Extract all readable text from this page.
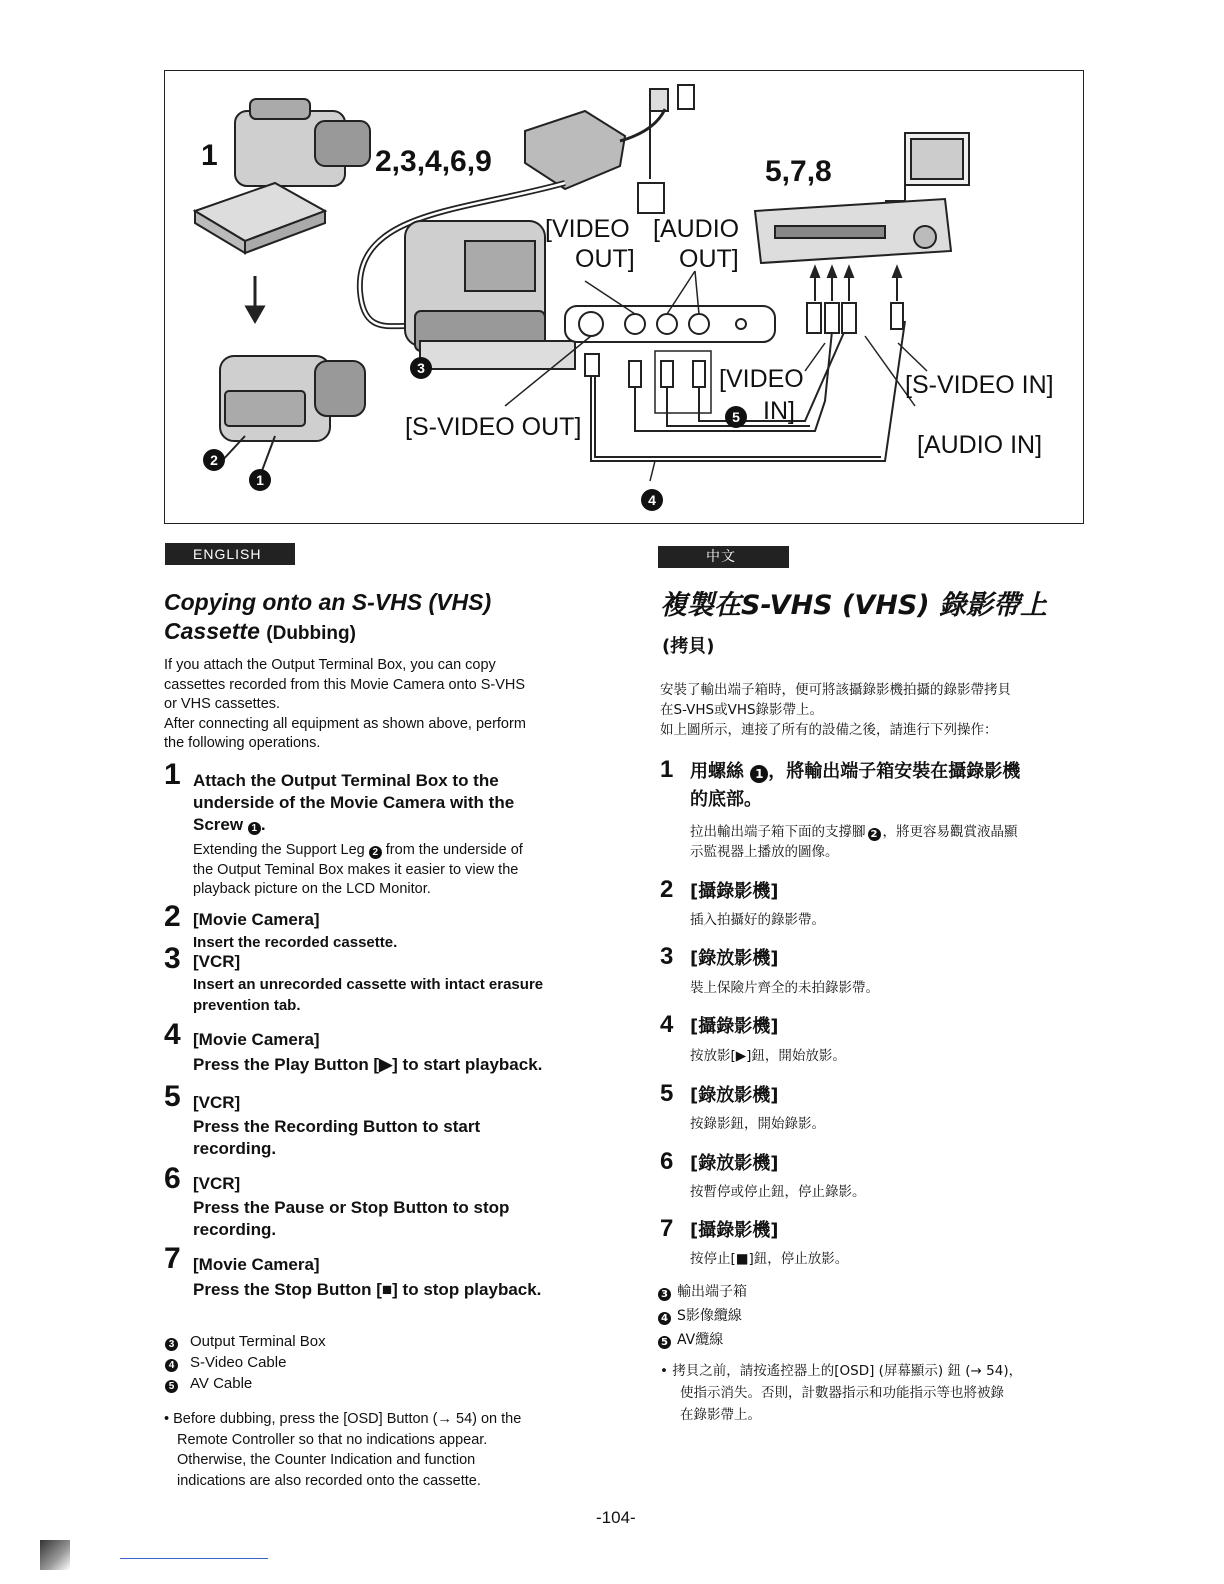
1	2,3,4,6,9	5,7,8
[VIDEO
OUT]
[AUDIO
OUT]
[VIDEO
IN]
[S-VIDEO IN]
[S-VIDEO OUT]
[AUDIO IN]
3
5
2
1
4
ENGLISH
Copying onto an S-VHS (VHS)
Cassette (Dubbing)
If you attach the Output Terminal Box, you can copy
cassettes recorded from this Movie Camera onto S-VHS
or VHS cassettes.
After connecting all equipment as shown above, perform
the following operations.
1 Attach the Output Terminal Box to the
underside of the Movie Camera with the
Screw 1 .
Extending the Support Leg 2 from the underside of
the Output Teminal Box makes it easier to view the
playback picture on the LCD Monitor.
2 [Movie Camera]
Insert the recorded cassette.
3 [VCR]
Insert an unrecorded cassette with intact erasure
prevention tab.
4 [Movie Camera]
Press the Play Button [▶] to start playback.
5 [VCR]
Press the Recording Button to start
recording.
6 [VCR]
Press the Pause or Stop Button to stop
recording.
7 [Movie Camera]
Press the Stop Button [■] to stop playback.
3 Output Terminal Box
4 S-Video Cable
5 AV Cable
• Before dubbing, press the [OSD] Button (→ 54) on the
Remote Controller so that no indications appear.
Otherwise, the Counter Indication and function
indications are also recorded onto the cassette.
中文
複製在S-VHS (VHS) 錄影帶上
(拷貝)
安裝了輸出端子箱時，便可將該攝錄影機拍攝的錄影帶拷貝
在S-VHS或VHS錄影帶上。
如上圖所示，連接了所有的設備之後，請進行下列操作：
1 用螺絲 1 ，將輸出端子箱安裝在攝錄影機
的底部。
拉出輸出端子箱下面的支撐腳 2 ，將更容易觀賞液晶顯
示監視器上播放的圖像。
2 [攝錄影機]
插入拍攝好的錄影帶。
3 [錄放影機]
裝上保險片齊全的未拍錄影帶。
4 [攝錄影機]
按放影[▶]鈕，開始放影。
5 [錄放影機]
按錄影鈕，開始錄影。
6 [錄放影機]
按暫停或停止鈕，停止錄影。
7 [攝錄影機]
按停止[■]鈕，停止放影。
3 輸出端子箱
4 S影像纜線
5 AV纜線
• 拷貝之前，請按遙控器上的[OSD] (屏幕顯示) 鈕 (→ 54)，
使指示消失。否則，計數器指示和功能指示等也將被錄
在錄影帶上。
-104-
